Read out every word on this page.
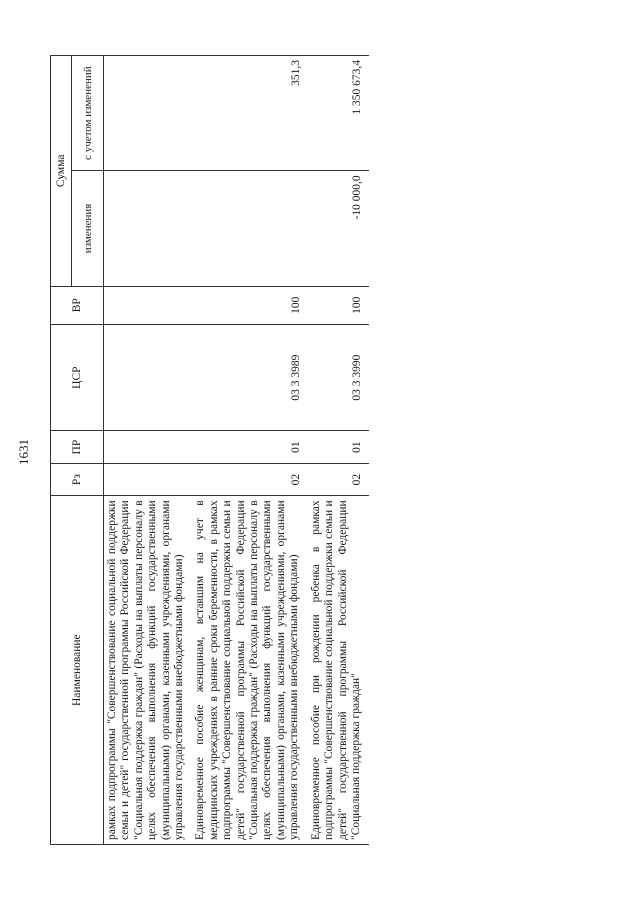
1631
Наименование	Рз	ПР	ЦСР	ВР	Сумма	
					изменения	с учетом изменений
рамках подпрограммы "Совершенствование социальной поддержки семьи и детей" государственной программы Российской Федерации "Социальная поддержка граждан" (Расходы на выплаты персоналу в целях обеспечения выполнения функций государственными (муниципальными) органами, казенными учреждениями, органами управления государственными внебюджетными фондами)						
Единовременное пособие женщинам, вставшим на учет в медицинских учреждениях в ранние сроки беременности, в рамках подпрограммы "Совершенствование социальной поддержки семьи и детей" государственной программы Российской Федерации "Социальная поддержка граждан" (Расходы на выплаты персоналу в целях обеспечения выполнения функций государственными (муниципальными) органами, казенными учреждениями, органами управления государственными внебюджетными фондами)	02	01	03 3 3989	100		351,3
Единовременное пособие при рождении ребенка в рамках подпрограммы "Совершенствование социальной поддержки семьи и детей" государственной программы Российской Федерации "Социальная поддержка граждан"	02	01	03 3 3990	100	-10 000,0	1 350 673,4
